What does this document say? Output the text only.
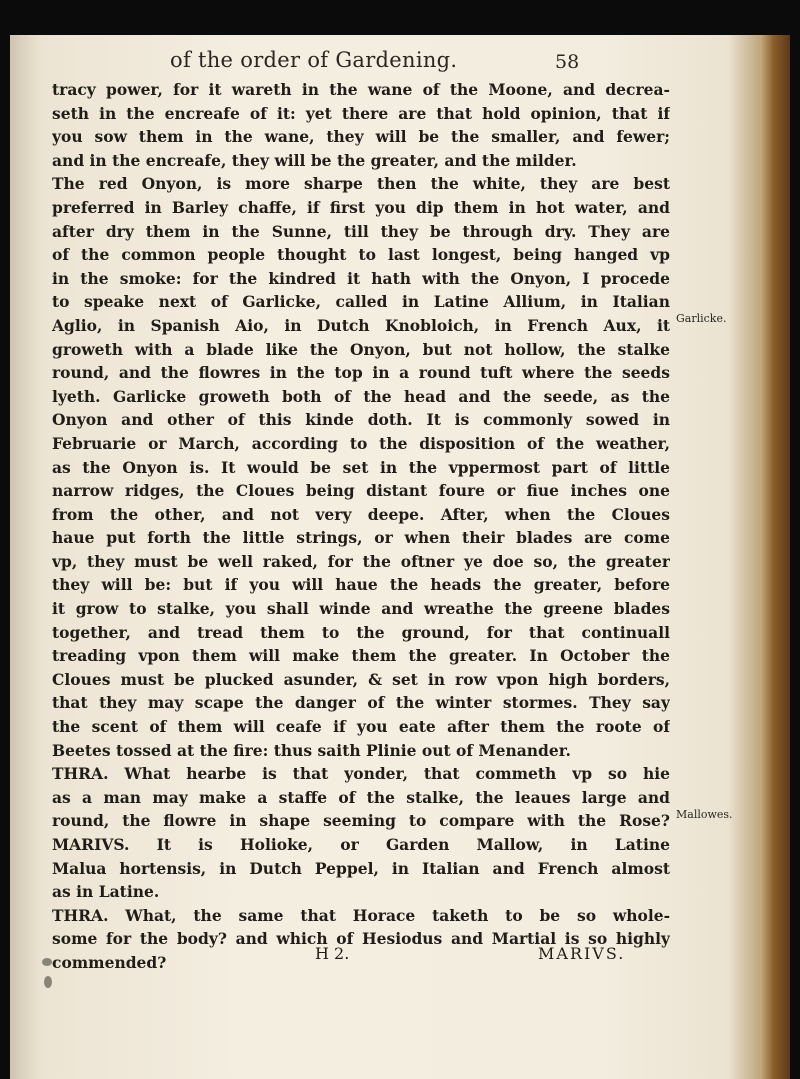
of the order of Gardening.	58
tracy power, for it wareth in the wane of the Moone, and decrea-
seth in the encreafe of it: yet there are that hold opinion, that if
you sow them in the wane, they will be the smaller, and fewer;
and in the encreafe, they will be the greater, and the milder.
The red Onyon, is more sharpe then the white, they are best
preferred in Barley chaffe, if first you dip them in hot water, and
after dry them in the Sunne, till they be through dry. They are
of the common people thought to last longest, being hanged vp
in the smoke: for the kindred it hath with the Onyon, I procede
to speake next of Garlicke, called in Latine Allium, in Italian
Aglio, in Spanish Aio, in Dutch Knobloich, in French Aux, it
groweth with a blade like the Onyon, but not hollow, the stalke
round, and the flowres in the top in a round tuft where the seeds
lyeth. Garlicke groweth both of the head and the seede, as the
Onyon and other of this kinde doth. It is commonly sowed in
Februarie or March, according to the disposition of the weather,
as the Onyon is. It would be set in the vppermost part of little
narrow ridges, the Cloues being distant foure or fiue inches one
from the other, and not very deepe. After, when the Cloues
haue put forth the little strings, or when their blades are come
vp, they must be well raked, for the oftner ye doe so, the greater
they will be: but if you will haue the heads the greater, before
it grow to stalke, you shall winde and wreathe the greene blades
together, and tread them to the ground, for that continuall
treading vpon them will make them the greater. In October the
Cloues must be plucked asunder, & set in row vpon high borders,
that they may scape the danger of the winter stormes. They say
the scent of them will ceafe if you eate after them the roote of
Beetes tossed at the fire: thus saith Plinie out of Menander.
THRA. What hearbe is that yonder, that commeth vp so hie
as a man may make a staffe of the stalke, the leaues large and
round, the flowre in shape seeming to compare with the Rose?
MARIVS. It is Holioke, or Garden Mallow, in Latine
Malua hortensis, in Dutch Peppel, in Italian and French almost
as in Latine.
THRA. What, the same that Horace taketh to be so whole-
some for the body? and which of Hesiodus and Martial is so highly
commended?
Garlicke.
Mallowes.
H 2.	MARIVS.
